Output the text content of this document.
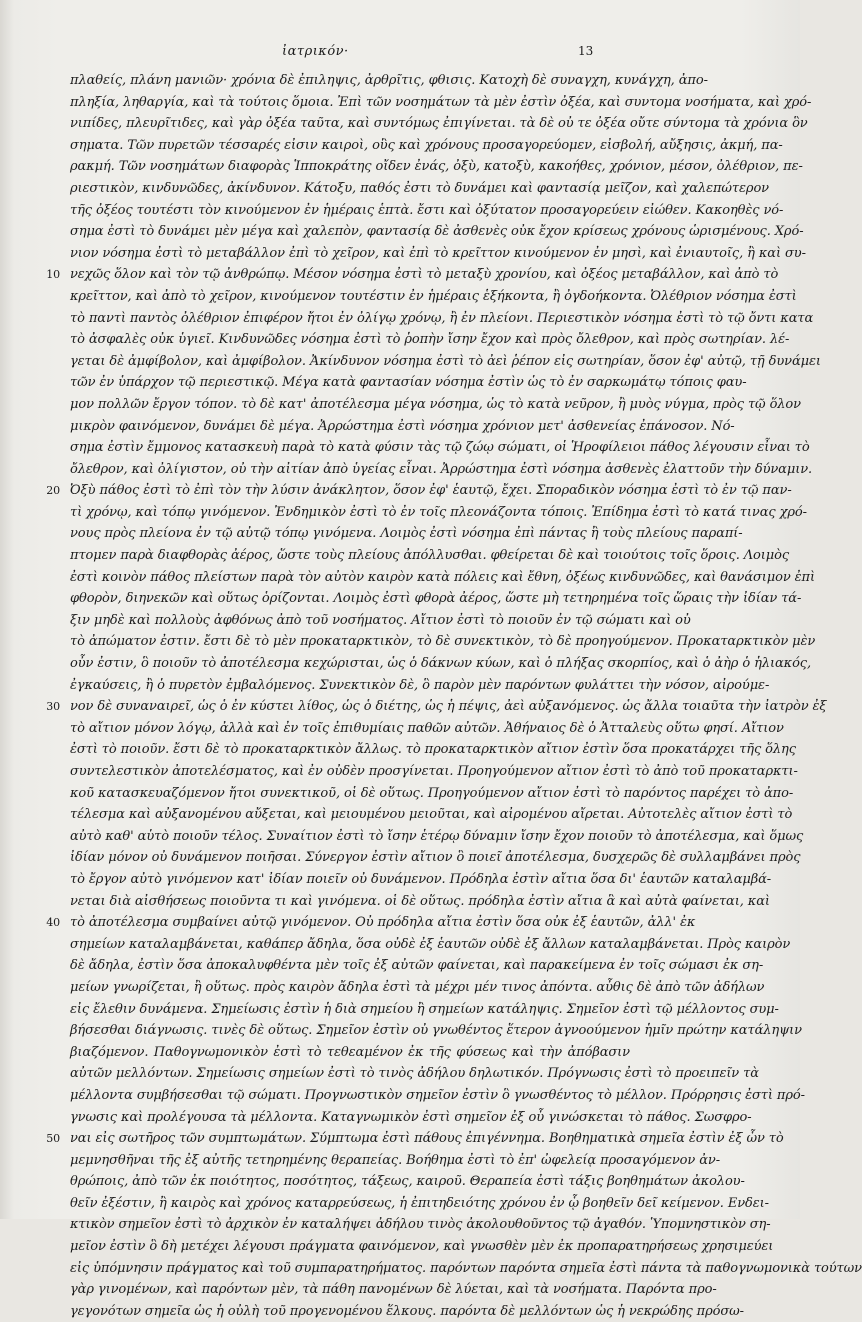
ἰατρικόν·	13
πλαθείς, πλάνη μανιῶν· χρόνια δὲ ἐπιληψις, ἀρθρῖτις, φθισις. Κατοχὴ δὲ συναγχη, κυνάγχη, ἀπο-
πληξία, ληθαργία, καὶ τὰ τούτοις ὅμοια. Ἐπὶ τῶν νοσημάτων τὰ μὲν ἐστὶν ὀξέα, καὶ συντομα νοσήματα, καὶ χρό-
νιπίδες, πλευρῖτιδες, καὶ γὰρ ὀξέα ταῦτα, καὶ συντόμως ἐπιγίνεται. τὰ δὲ οὐ τε ὀξέα οὔτε σύντομα τὰ χρόνια ὃν
σηματα. Τῶν πυρετῶν τέσσαρές εἰσιν καιροὶ, οὓς καὶ χρόνους προσαγορεύομεν, εἰσβολή, αὔξησις, ἀκμή, πα-
ρακμή. Τῶν νοσημάτων διαφορὰς Ἱπποκράτης οἴδεν ἐνάς, ὀξὺ, κατοξὺ, κακοήθες, χρόνιον, μέσον, ὀλέθριον, πε-
ριεστικὸν, κινδυνῶδες, ἀκίνδυνον. Κάτοξυ, παθός ἐστι τὸ δυνάμει καὶ φαντασίᾳ μεῖζον, καὶ χαλεπώτερον
τῆς ὀξέος τουτέστι τὸν κινούμενον ἐν ἡμέραις ἑπτὰ. ἔστι καὶ ὀξύτατον προσαγορεύειν εἰώθεν. Κακοηθὲς νό-
σημα ἐστὶ τὸ δυνάμει μὲν μέγα καὶ χαλεπὸν, φαντασίᾳ δὲ ἀσθενὲς οὐκ ἔχον κρίσεως χρόνους ὡρισμένους. Χρό-
νιον νόσημα ἐστὶ τὸ μεταβάλλον ἐπὶ τὸ χεῖρον, καὶ ἐπὶ τὸ κρεῖττον κινούμενον ἐν μησὶ, καὶ ἐνιαυτοῖς, ἢ καὶ συ-
10 νεχῶς ὅλον καὶ τὸν τῷ ἀνθρώπῳ. Μέσον νόσημα ἐστὶ τὸ μεταξὺ χρονίου, καὶ ὀξέος μεταβάλλον, καὶ ἀπὸ τὸ
κρεῖττον, καὶ ἀπὸ τὸ χεῖρον, κινούμενον τουτέστιν ἐν ἡμέραις ἑξήκοντα, ἢ ὀγδοήκοντα. Ὀλέθριον νόσημα ἐστὶ
τὸ παντὶ παντὸς ὀλέθριον ἐπιφέρον ἤτοι ἐν ὀλίγῳ χρόνῳ, ἢ ἐν πλείονι. Περιεστικὸν νόσημα ἐστὶ τὸ τῷ ὄντι κατα
τὸ ἀσφαλὲς οὐκ ὑγιεῖ. Κινδυνῶδες νόσημα ἐστὶ τὸ ῥοπὴν ἴσην ἔχον καὶ πρὸς ὄλεθρον, καὶ πρὸς σωτηρίαν. λέ-
γεται δὲ ἀμφίβολον, καὶ ἀμφίβολον. Ἀκίνδυνον νόσημα ἐστὶ τὸ ἀεὶ ῥέπον εἰς σωτηρίαν, ὅσον ἐφ' αὐτῷ, τῇ δυνάμει
τῶν ἐν ὑπάρχον τῷ περιεστικῷ. Μέγα κατὰ φαντασίαν νόσημα ἐστὶν ὡς τὸ ἐν σαρκωμάτῳ τόποις φαυ-
μον πολλῶν ἔργον τόπον. τὸ δὲ κατ' ἀποτέλεσμα μέγα νόσημα, ὡς τὸ κατὰ νεῦρον, ἢ μυὸς νύγμα, πρὸς τῷ ὅλον
μικρὸν φαινόμενον, δυνάμει δὲ μέγα. Ἀρρώστημα ἐστὶ νόσημα χρόνιον μετ' ἀσθενείας ἐπάνοσον. Νό-
σημα ἐστὶν ἔμμονος κατασκευὴ παρὰ τὸ κατὰ φύσιν τὰς τῷ ζώῳ σώματι, οἱ Ἡροφίλειοι πάθος λέγουσιν εἶναι τὸ
ὄλεθρον, καὶ ὀλίγιστον, οὐ τὴν αἰτίαν ἀπὸ ὑγείας εἶναι. Ἀρρώστημα ἐστὶ νόσημα ἀσθενὲς ἐλαττοῦν τὴν δύναμιν.
20 Ὀξὺ πάθος ἐστὶ τὸ ἐπὶ τὸν τὴν λύσιν ἀνάκλητον, ὅσον ἐφ' ἑαυτῷ, ἔχει. Σποραδικὸν νόσημα ἐστὶ τὸ ἐν τῷ παν-
τὶ χρόνῳ, καὶ τόπῳ γινόμενον. Ἐνδημικὸν ἐστὶ τὸ ἐν τοῖς πλεονάζοντα τόποις. Ἐπίδημα ἐστὶ τὸ κατά τινας χρό-
νους πρὸς πλείονα ἐν τῷ αὐτῷ τόπῳ γινόμενα. Λοιμὸς ἐστὶ νόσημα ἐπὶ πάντας ἢ τοὺς πλείους παραπί-
πτομεν παρὰ διαφθορὰς ἀέρος, ὥστε τοὺς πλείους ἀπόλλυσθαι. φθείρεται δὲ καὶ τοιούτοις τοῖς ὅροις. Λοιμὸς
ἐστὶ κοινὸν πάθος πλείστων παρὰ τὸν αὐτὸν καιρὸν κατὰ πόλεις καὶ ἔθνη, ὀξέως κινδυνῶδες, καὶ θανάσιμον ἐπὶ
φθορὸν, διηνεκῶν καὶ οὕτως ὁρίζονται. Λοιμὸς ἐστὶ φθορὰ ἀέρος, ὥστε μὴ τετηρημένα τοῖς ὥραις τὴν ἰδίαν τά-
ξιν μηδὲ καὶ πολλοὺς ἀφθόνως ἀπὸ τοῦ νοσήματος. Αἴτιον ἐστὶ τὸ ποιοῦν ἐν τῷ σώματι καὶ οὐ
τὸ ἀπώματον ἐστιν. ἔστι δὲ τὸ μὲν προκαταρκτικὸν, τὸ δὲ συνεκτικὸν, τὸ δὲ προηγούμενον. Προκαταρκτικὸν μὲν
οὖν ἐστιν, ὃ ποιοῦν τὸ ἀποτέλεσμα κεχώρισται, ὡς ὁ δάκνων κύων, καὶ ὁ πλήξας σκορπίος, καὶ ὁ ἀὴρ ὁ ἡλιακός,
ἐγκαύσεις, ἢ ὁ πυρετὸν ἐμβαλόμενος. Συνεκτικὸν δὲ, ὃ παρὸν μὲν παρόντων φυλάττει τὴν νόσον, αἰρούμε-
30 νον δὲ συναναιρεῖ, ὡς ὁ ἐν κύστει λίθος, ὡς ὁ διέτης, ὡς ἡ πέψις, ἀεὶ αὐξανόμενος. ὡς ἄλλα τοιαῦτα τὴν ἰατρὸν ἐξ
τὸ αἴτιον μόνον λόγῳ, ἀλλὰ καὶ ἐν τοῖς ἐπιθυμίαις παθῶν αὐτῶν. Ἀθήναιος δὲ ὁ Ἀτταλεὺς οὕτω φησί. Αἴτιον
ἐστὶ τὸ ποιοῦν. ἔστι δὲ τὸ προκαταρκτικὸν ἄλλως. τὸ προκαταρκτικὸν αἴτιον ἐστὶν ὅσα προκατάρχει τῆς ὅλης
συντελεστικὸν ἀποτελέσματος, καὶ ἐν οὐδὲν προσγίνεται. Προηγούμενον αἴτιον ἐστὶ τὸ ἀπὸ τοῦ προκαταρκτι-
κοῦ κατασκευαζόμενον ἤτοι συνεκτικοῦ, οἱ δὲ οὕτως. Προηγούμενον αἴτιον ἐστὶ τὸ παρόντος παρέχει τὸ ἀπο-
τέλεσμα καὶ αὐξανομένου αὔξεται, καὶ μειουμένου μειοῦται, καὶ αἰρομένου αἴρεται. Αὐτοτελὲς αἴτιον ἐστὶ τὸ
αὐτὸ καθ' αὑτὸ ποιοῦν τέλος. Συναίτιον ἐστὶ τὸ ἴσην ἑτέρῳ δύναμιν ἴσην ἔχον ποιοῦν τὸ ἀποτέλεσμα, καὶ ὅμως
ἰδίαν μόνον οὐ δυνάμενον ποιῆσαι. Σύνεργον ἐστὶν αἴτιον ὃ ποιεῖ ἀποτέλεσμα, δυσχερῶς δὲ συλλαμβάνει πρὸς
τὸ ἔργον αὐτὸ γινόμενον κατ' ἰδίαν ποιεῖν οὐ δυνάμενον. Πρόδηλα ἐστὶν αἴτια ὅσα δι' ἑαυτῶν καταλαμβά-
νεται διὰ αἰσθήσεως ποιοῦντα τι καὶ γινόμενα. οἱ δὲ οὕτως. πρόδηλα ἐστὶν αἴτια ἃ καὶ αὐτὰ φαίνεται, καὶ
40 τὸ ἀποτέλεσμα συμβαίνει αὐτῷ γινόμενον. Οὐ πρόδηλα αἴτια ἐστὶν ὅσα οὐκ ἐξ ἑαυτῶν, ἀλλ' ἐκ
σημείων καταλαμβάνεται, καθάπερ ἄδηλα, ὅσα οὐδὲ ἐξ ἑαυτῶν οὐδὲ ἐξ ἄλλων καταλαμβάνεται. Πρὸς καιρὸν
δὲ ἄδηλα, ἐστὶν ὅσα ἀποκαλυφθέντα μὲν τοῖς ἐξ αὐτῶν φαίνεται, καὶ παρακείμενα ἐν τοῖς σώμασι ἐκ ση-
μείων γνωρίζεται, ἢ οὕτως. πρὸς καιρὸν ἄδηλα ἐστὶ τὰ μέχρι μέν τινος ἀπόντα. αὖθις δὲ ἀπὸ τῶν ἀδήλων
εἰς ἔλεθιν δυνάμενα. Σημείωσις ἐστὶν ἡ διὰ σημείου ἢ σημείων κατάληψις. Σημεῖον ἐστὶ τῷ μέλλοντος συμ-
βήσεσθαι διάγνωσις. τινὲς δὲ οὕτως. Σημεῖον ἐστὶν οὐ γνωθέντος ἕτερον ἀγνοούμενον ἡμῖν πρώτην κατάληψιν
βιαζόμενον. Παθογνωμονικὸν ἐστὶ τὸ τεθεαμένον ἐκ τῆς φύσεως καὶ τὴν ἀπόβασιν
αὐτῶν μελλόντων. Σημείωσις σημείων ἐστὶ τὸ τινὸς ἀδήλου δηλωτικόν. Πρόγνωσις ἐστὶ τὸ προειπεῖν τὰ
μέλλοντα συμβήσεσθαι τῷ σώματι. Προγνωστικὸν σημεῖον ἐστὶν ὃ γνωσθέντος τὸ μέλλον. Πρόρρησις ἐστὶ πρό-
γνωσις καὶ προλέγουσα τὰ μέλλοντα. Καταγνωμικὸν ἐστὶ σημεῖον ἐξ οὗ γινώσκεται τὸ πάθος. Σωσφρο-
50 ναι εἰς σωτῆρος τῶν συμπτωμάτων. Σύμπτωμα ἐστὶ πάθους ἐπιγέννημα. Βοηθηματικὰ σημεῖα ἐστὶν ἐξ ὧν τὸ
μεμνησθῆναι τῆς ἐξ αὐτῆς τετηρημένης θεραπείας. Βοήθημα ἐστὶ τὸ ἐπ' ὠφελείᾳ προσαγόμενον ἀν-
θρώποις, ἀπὸ τῶν ἐκ ποιότητος, ποσότητος, τάξεως, καιροῦ. Θεραπεία ἐστὶ τάξις βοηθημάτων ἀκολου-
θεῖν ἐξέστιν, ἢ καιρὸς καὶ χρόνος καταρρεύσεως, ἡ ἐπιτηδειότης χρόνου ἐν ᾧ βοηθεῖν δεῖ κείμενον. Ενδει-
κτικὸν σημεῖον ἐστὶ τὸ ἀρχικὸν ἐν καταλήψει ἀδήλου τινὸς ἀκολουθοῦντος τῷ ἀγαθόν. Ὑπομνηστικὸν ση-
μεῖον ἐστὶν ὃ δὴ μετέχει λέγουσι πράγματα φαινόμενον, καὶ γνωσθὲν μὲν ἐκ προπαρατηρήσεως χρησιμεύει
εἰς ὑπόμνησιν πράγματος καὶ τοῦ συμπαρατηρήματος. παρόντων παρόντα σημεῖα ἐστὶ πάντα τὰ παθογνωμονικὰ τούτων
γὰρ γινομένων, καὶ παρόντων μὲν, τὰ πάθη πανομένων δὲ λύεται, καὶ τὰ νοσήματα. Παρόντα προ-
γεγονότων σημεῖα ὡς ἡ οὐλὴ τοῦ προγενομένου ἕλκους. παρόντα δὲ μελλόντων ὡς ἡ νεκρώδης πρόσω-
